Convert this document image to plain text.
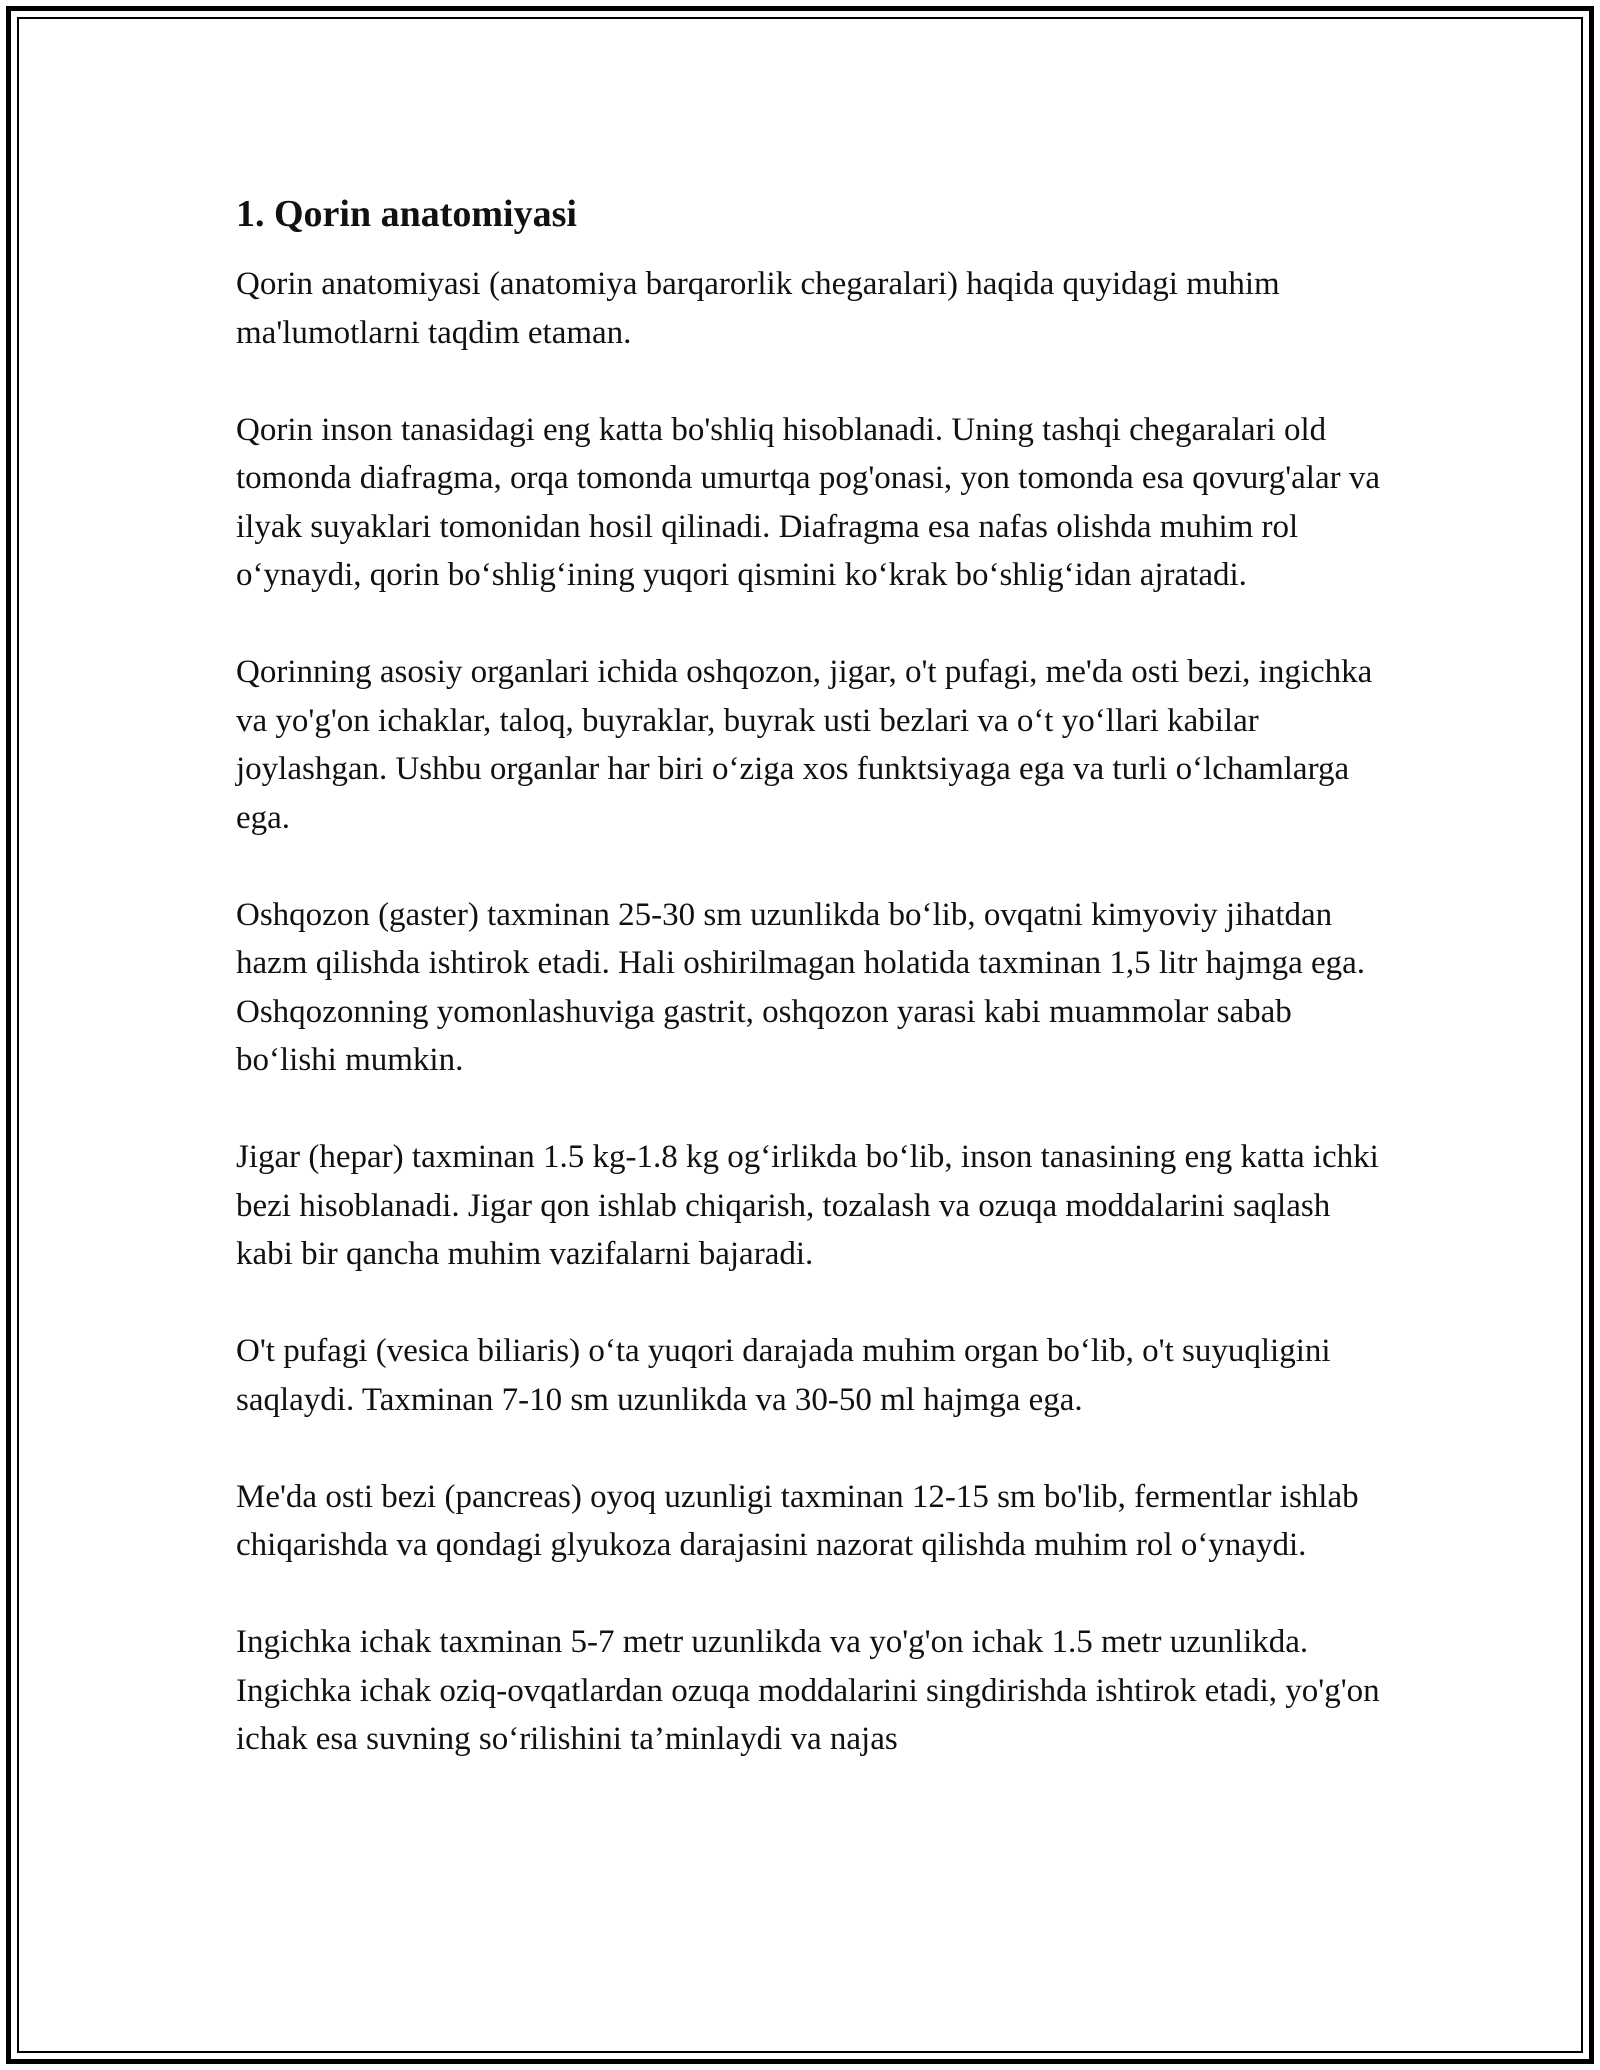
1. Qorin anatomiyasi

Qorin anatomiyasi (anatomiya barqarorlik chegaralari) haqida quyidagi muhim ma'lumotlarni taqdim etaman.

Qorin inson tanasidagi eng katta bo'shliq hisoblanadi. Uning tashqi chegaralari old tomonda diafragma, orqa tomonda umurtqa pog'onasi, yon tomonda esa qovurg'alar va ilyak suyaklari tomonidan hosil qilinadi. Diafragma esa nafas olishda muhim rol o‘ynaydi, qorin bo‘shlig‘ining yuqori qismini ko‘krak bo‘shlig‘idan ajratadi.

Qorinning asosiy organlari ichida oshqozon, jigar, o't pufagi, me'da osti bezi, ingichka va yo'g'on ichaklar, taloq, buyraklar, buyrak usti bezlari va o‘t yo‘llari kabilar joylashgan. Ushbu organlar har biri o‘ziga xos funktsiyaga ega va turli o‘lchamlarga ega.

Oshqozon (gaster) taxminan 25-30 sm uzunlikda bo‘lib, ovqatni kimyoviy jihatdan hazm qilishda ishtirok etadi. Hali oshirilmagan holatida taxminan 1,5 litr hajmga ega. Oshqozonning yomonlashuviga gastrit, oshqozon yarasi kabi muammolar sabab bo‘lishi mumkin.

Jigar (hepar) taxminan 1.5 kg-1.8 kg og‘irlikda bo‘lib, inson tanasining eng katta ichki bezi hisoblanadi. Jigar qon ishlab chiqarish, tozalash va ozuqa moddalarini saqlash kabi bir qancha muhim vazifalarni bajaradi.

O't pufagi (vesica biliaris) o‘ta yuqori darajada muhim organ bo‘lib, o't suyuqligini saqlaydi. Taxminan 7-10 sm uzunlikda va 30-50 ml hajmga ega.

Me'da osti bezi (pancreas) oyoq uzunligi taxminan 12-15 sm bo'lib, fermentlar ishlab chiqarishda va qondagi glyukoza darajasini nazorat qilishda muhim rol o‘ynaydi.

Ingichka ichak taxminan 5-7 metr uzunlikda va yo'g'on ichak 1.5 metr uzunlikda. Ingichka ichak oziq-ovqatlardan ozuqa moddalarini singdirishda ishtirok etadi, yo'g'on ichak esa suvning so‘rilishini ta’minlaydi va najas
